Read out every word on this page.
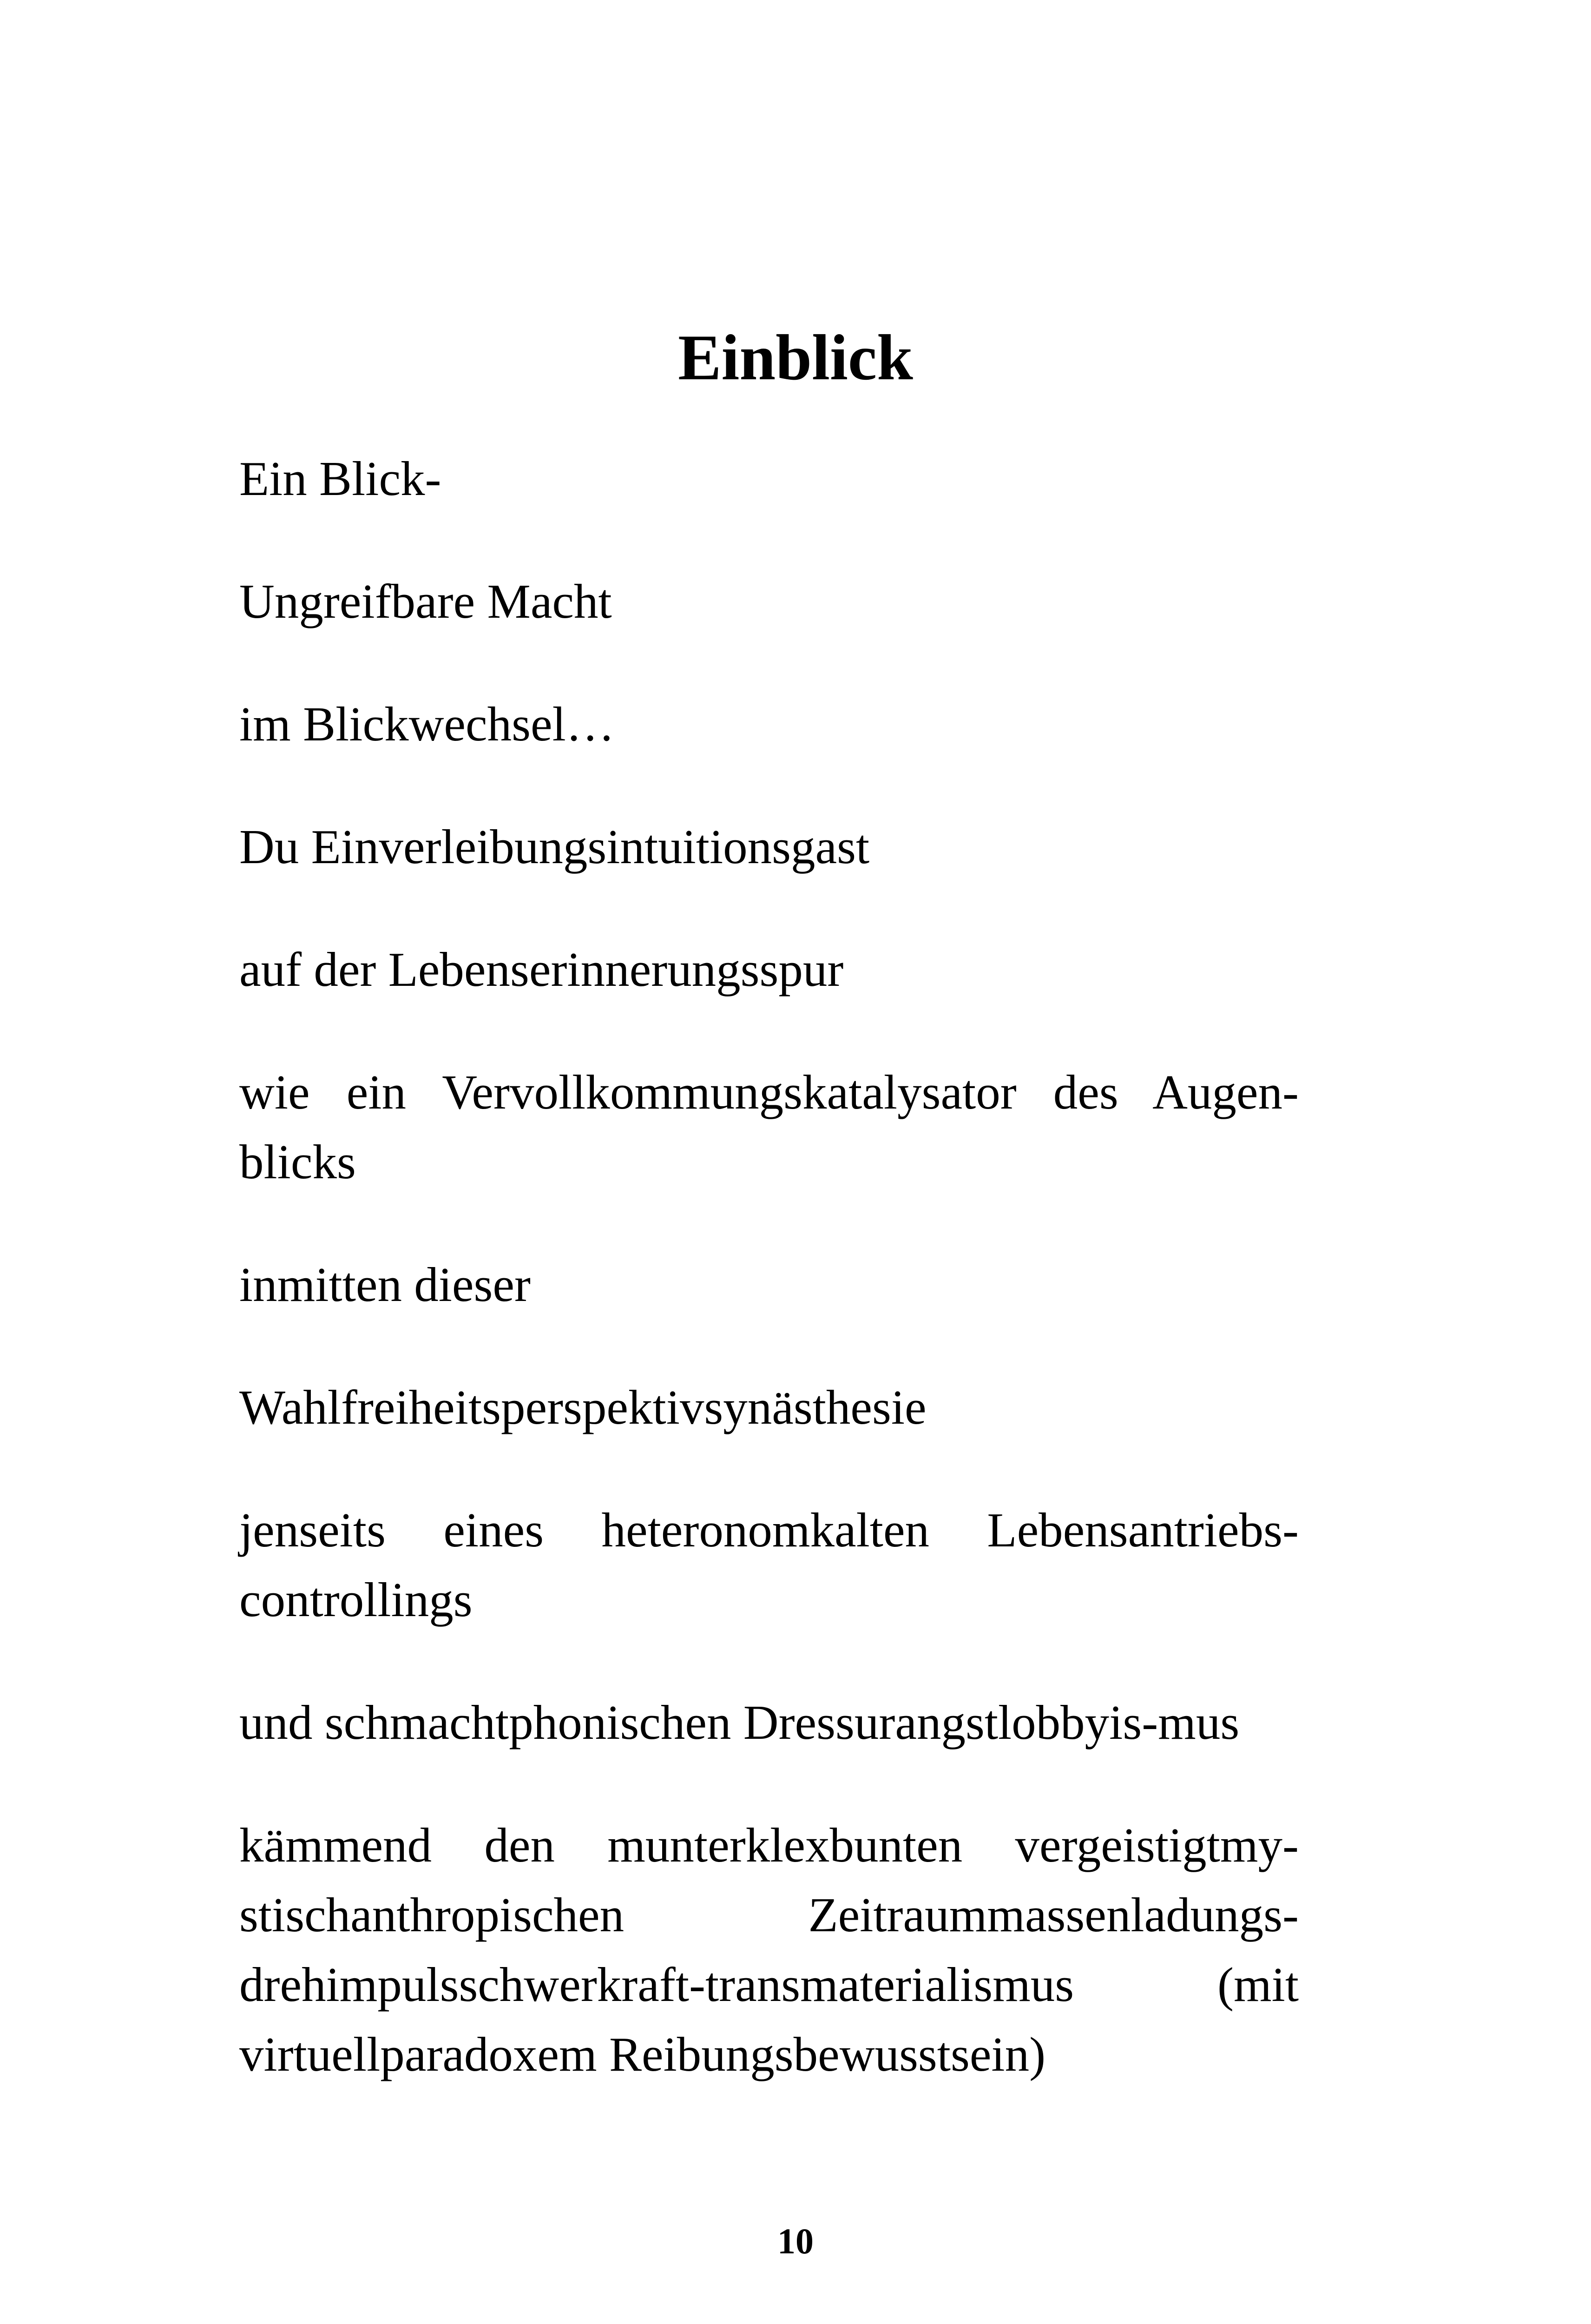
Einblick

Ein Blick-

Ungreifbare Macht

im Blickwechsel…

Du Einverleibungsintuitionsgast

auf der Lebenserinnerungsspur

wie ein Vervollkommungskatalysator des Augen-blicks

inmitten dieser

Wahlfreiheitsperspektivsynästhesie

jenseits eines heteronomkalten Lebensantriebs-controllings

und schmachtphonischen Dressurangstlobbyis-mus

kämmend den munterklexbunten vergeistigtmy-stischanthropischen Zeitraummassenladungs-drehimpulsschwerkraft-transmaterialismus (mit virtuellparadoxem Reibungsbewusstsein)

10
